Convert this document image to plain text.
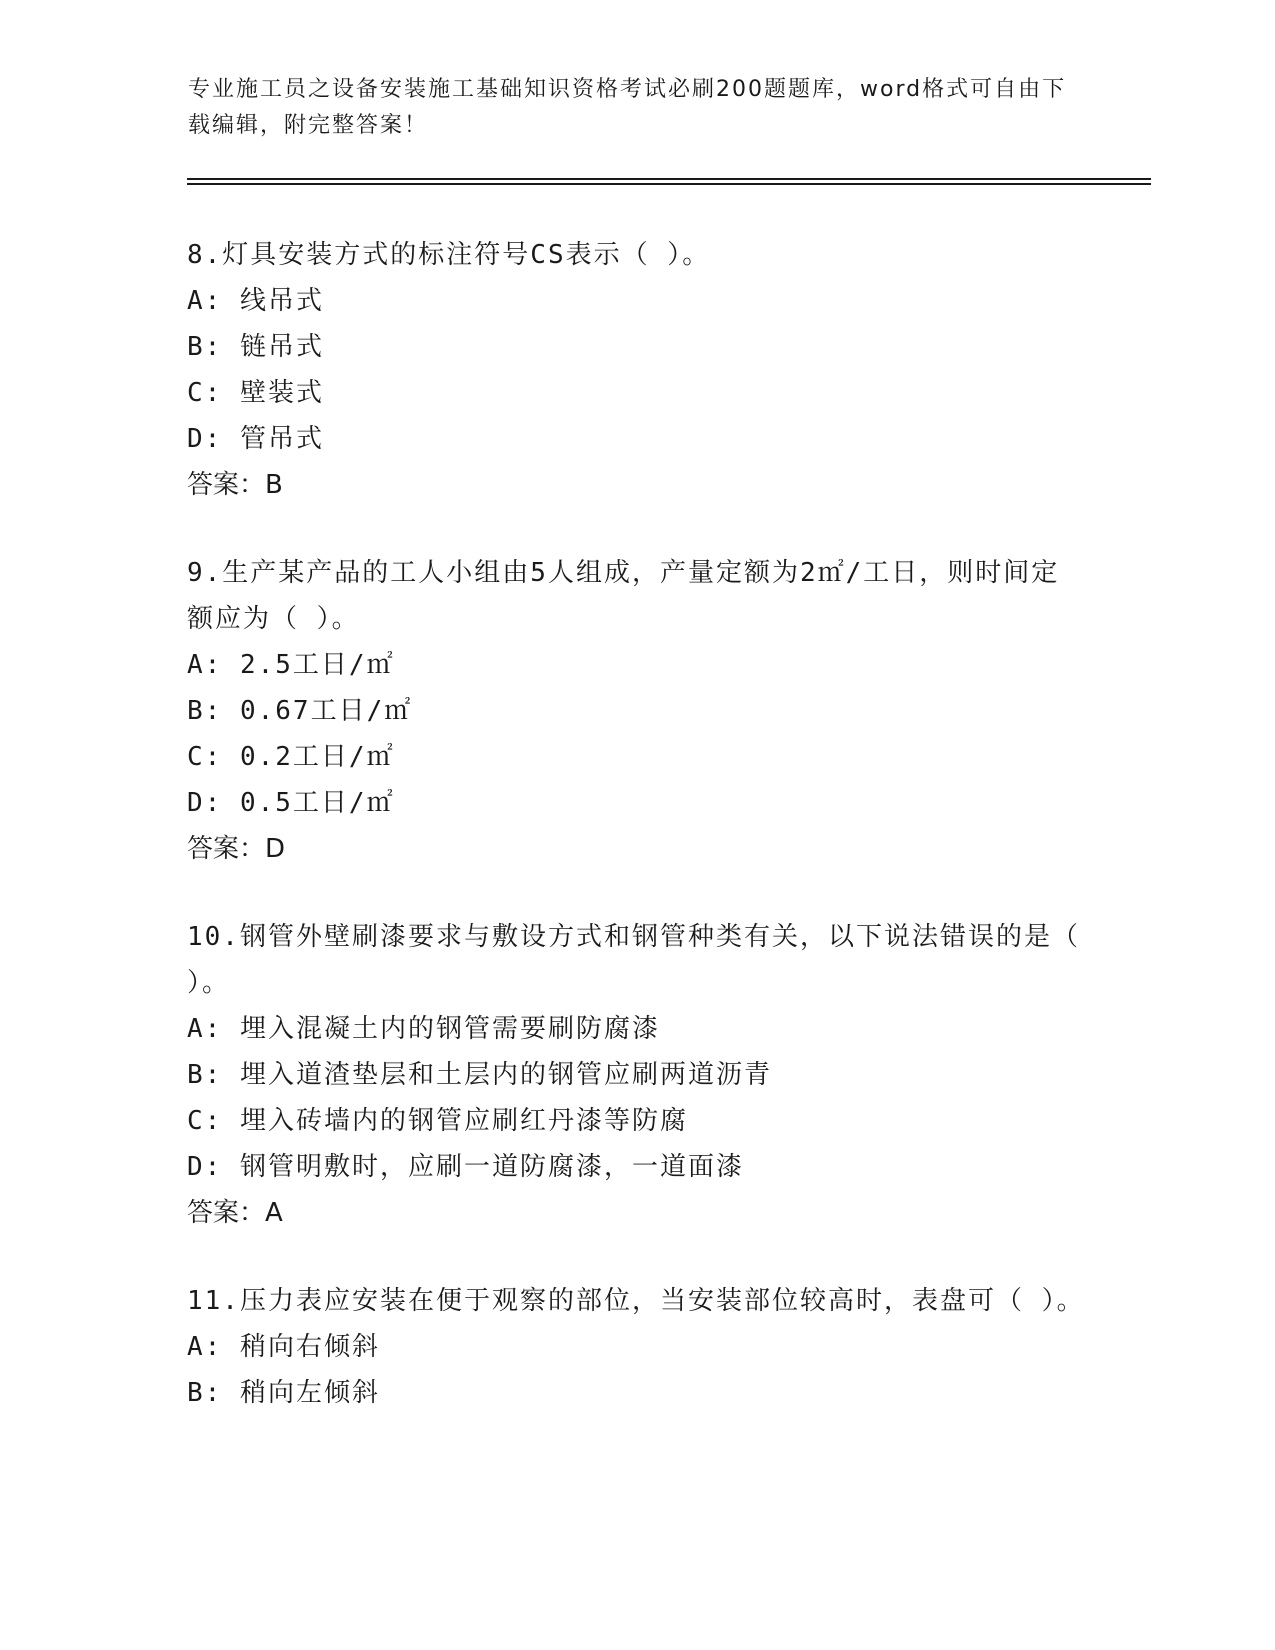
专业施工员之设备安装施工基础知识资格考试必刷200题题库，word格式可自由下载编辑，附完整答案！
8.灯具安装方式的标注符号CS表示（ ）。
A: 线吊式
B: 链吊式
C: 壁装式
D: 管吊式
答案：B
9.生产某产品的工人小组由5人组成，产量定额为2㎡/工日，则时间定额应为（ ）。
A: 2.5工日/㎡
B: 0.67工日/㎡
C: 0.2工日/㎡
D: 0.5工日/㎡
答案：D
10.钢管外壁刷漆要求与敷设方式和钢管种类有关，以下说法错误的是（ ）。
A: 埋入混凝土内的钢管需要刷防腐漆
B: 埋入道渣垫层和土层内的钢管应刷两道沥青
C: 埋入砖墙内的钢管应刷红丹漆等防腐
D: 钢管明敷时，应刷一道防腐漆，一道面漆
答案：A
11.压力表应安装在便于观察的部位，当安装部位较高时，表盘可（ ）。
A: 稍向右倾斜
B: 稍向左倾斜
